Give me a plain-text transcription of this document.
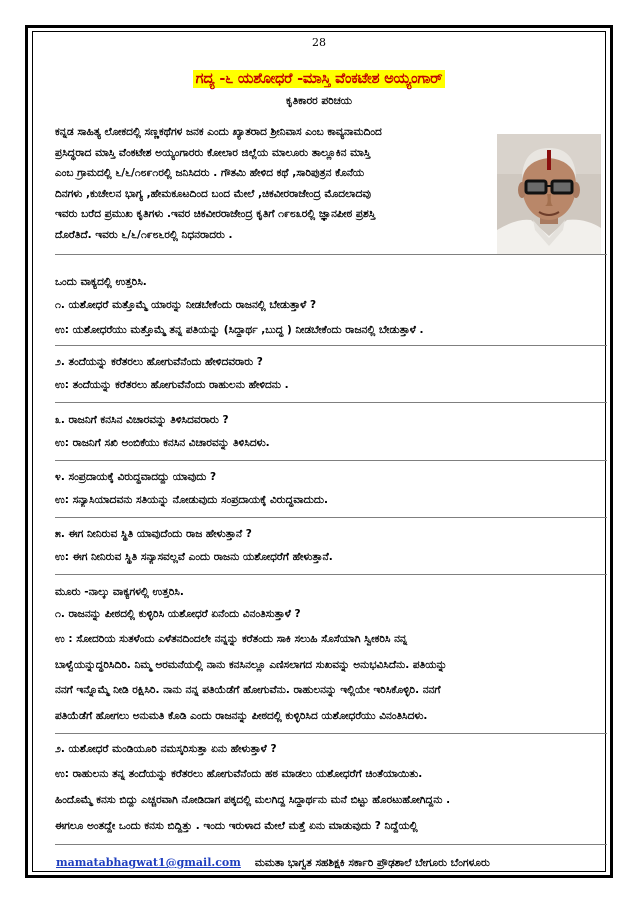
28
ಗದ್ಯ -೬ ಯಶೋಧರೆ -ಮಾಸ್ತಿ ವೆಂಕಟೇಶ ಅಯ್ಯಂಗಾರ್
ಕೃತಿಕಾರರ ಪರಿಚಯ
ಕನ್ನಡ ಸಾಹಿತ್ಯ ಲೋಕದಲ್ಲಿ ಸಣ್ಣಕಥೆಗಳ ಜನಕ ಎಂದು ಖ್ಯಾತರಾದ ಶ್ರೀನಿವಾಸ ಎಂಬ ಕಾವ್ಯನಾಮದಿಂದ
ಪ್ರಸಿದ್ಧರಾದ ಮಾಸ್ತಿ ವೆಂಕಟೇಶ ಅಯ್ಯಂಗಾರರು ಕೋಲಾರ ಜಿಲ್ಲೆಯ ಮಾಲೂರು ತಾಲ್ಲೂಕಿನ ಮಾಸ್ತಿ
ಎಂಬ ಗ್ರಾಮದಲ್ಲಿ ೬/೬/೧೮೯೧ರಲ್ಲಿ ಜನಿಸಿದರು . ಗೌತಮಿ ಹೇಳಿದ ಕಥೆ ,ಸಾರಿಪುತ್ರನ ಕೊನೆಯ
ದಿನಗಳು ,ಕುಚೇಲನ ಭಾಗ್ಯ ,ಹೇಮಕೂಟದಿಂದ ಬಂದ ಮೇಲೆ ,ಚಿಕವೀರರಾಜೇಂದ್ರ ಮೊದಲಾದವು
ಇವರು ಬರೆದ ಪ್ರಮುಖ ಕೃತಿಗಳು .ಇವರ ಚಿಕವೀರರಾಜೇಂದ್ರ ಕೃತಿಗೆ ೧೯೮೩ರಲ್ಲಿ ಜ್ಞಾನಪೀಠ ಪ್ರಶಸ್ತಿ
ದೊರೆತಿದೆ. ಇವರು ೬/೬/೧೯೮೬ರಲ್ಲಿ ನಿಧನರಾದರು .
ಒಂದು ವಾಕ್ಯದಲ್ಲಿ ಉತ್ತರಿಸಿ.
೧. ಯಶೋಧರೆ ಮತ್ತೊಮ್ಮೆ ಯಾರನ್ನು ನೀಡಬೇಕೆಂದು ರಾಜನಲ್ಲಿ ಬೇಡುತ್ತಾಳೆ ?
ಉ: ಯಶೋಧರೆಯು ಮತ್ತೊಮ್ಮೆ ತನ್ನ ಪತಿಯನ್ನು (ಸಿದ್ಧಾರ್ಥ ,ಬುದ್ಧ ) ನೀಡಬೇಕೆಂದು ರಾಜನಲ್ಲಿ ಬೇಡುತ್ತಾಳೆ .
೨. ತಂದೆಯನ್ನು ಕರೆತರಲು ಹೋಗುವೆನೆಂದು ಹೇಳಿದವರಾರು ?
ಉ: ತಂದೆಯನ್ನು ಕರೆತರಲು ಹೋಗುವೆನೆಂದು ರಾಹುಲನು ಹೇಳಿದನು .
೩. ರಾಜನಿಗೆ ಕನಸಿನ ವಿಚಾರವನ್ನು ತಿಳಿಸಿದವರಾರು ?
ಉ: ರಾಜನಿಗೆ ಸಖಿ ಅಂಬಿಕೆಯು ಕನಸಿನ ವಿಚಾರವನ್ನು ತಿಳಿಸಿದಳು.
೪. ಸಂಪ್ರದಾಯಕ್ಕೆ ವಿರುದ್ಧವಾದದ್ದು ಯಾವುದು ?
ಉ: ಸನ್ಯಾಸಿಯಾದವನು ಸತಿಯನ್ನು ನೋಡುವುದು ಸಂಪ್ರದಾಯಕ್ಕೆ ವಿರುದ್ಧವಾದುದು.
೫. ಈಗ ನೀನಿರುವ ಸ್ಥಿತಿ ಯಾವುದೆಂದು ರಾಜ ಹೇಳುತ್ತಾನೆ ?
ಉ: ಈಗ ನೀನಿರುವ ಸ್ಥಿತಿ ಸನ್ಯಾಸವಲ್ಲವೆ ಎಂದು ರಾಜನು ಯಶೋಧರೆಗೆ ಹೇಳುತ್ತಾನೆ.
ಮೂರು -ನಾಲ್ಕು ವಾಕ್ಯಗಳಲ್ಲಿ ಉತ್ತರಿಸಿ.
೧. ರಾಜನನ್ನು ಪೀಠದಲ್ಲಿ ಕುಳ್ಳಿರಿಸಿ ಯಶೋಧರೆ ಏನೆಂದು ವಿನಂತಿಸುತ್ತಾಳೆ ?
ಉ : ಸೋದರಿಯ ಸುತಳೆಂದು ಎಳೆತನದಿಂದಲೇ ನನ್ನನ್ನು ಕರೆತಂದು ಸಾಕಿ ಸಲುಹಿ ಸೊಸೆಯಾಗಿ ಸ್ವೀಕರಿಸಿ ನನ್ನ
ಬಾಳ್ವೆಯನ್ನುದ್ಧರಿಸಿದಿರಿ. ನಿಮ್ಮ ಅರಮನೆಯಲ್ಲಿ ನಾನು ಕನಸಿನಲ್ಲೂ ಎಣಿಸಲಾಗದ ಸುಖವನ್ನು ಅನುಭವಿಸಿದೆನು. ಪತಿಯನ್ನು
ನನಗೆ ಇನ್ನೊಮ್ಮೆ ನೀಡಿ ರಕ್ಷಿಸಿರಿ. ನಾನು ನನ್ನ ಪತಿಯೆಡೆಗೆ ಹೋಗುವೆನು. ರಾಹುಲನನ್ನು ಇಲ್ಲಿಯೇ ಇರಿಸಿಕೊಳ್ಳಿರಿ. ನನಗೆ
ಪತಿಯೆಡೆಗೆ ಹೋಗಲು ಅನುಮತಿ ಕೊಡಿ ಎಂದು ರಾಜನನ್ನು ಪೀಠದಲ್ಲಿ ಕುಳ್ಳಿರಿಸಿದ ಯಶೋಧರೆಯು ವಿನಂತಿಸಿದಳು.
೨. ಯಶೋಧರೆ ಮಂಡಿಯೂರಿ ನಮಸ್ಕರಿಸುತ್ತಾ ಏನು ಹೇಳುತ್ತಾಳೆ ?
ಉ: ರಾಹುಲನು ತನ್ನ ತಂದೆಯನ್ನು ಕರೆತರಲು ಹೋಗುವೆನೆಂದು ಹಠ ಮಾಡಲು ಯಶೋಧರೆಗೆ ಚಿಂತೆಯಾಯಿತು.
ಹಿಂದೊಮ್ಮೆ ಕನಸು ಬಿದ್ದು ಎಚ್ಚರವಾಗಿ ನೋಡಿದಾಗ ಪಕ್ಕದಲ್ಲಿ ಮಲಗಿದ್ದ ಸಿದ್ಧಾರ್ಥನು ಮನೆ ಬಿಟ್ಟು ಹೊರಟುಹೋಗಿದ್ದನು .
ಈಗಲೂ ಅಂತದ್ದೇ ಒಂದು ಕನಸು ಬಿದ್ದಿತ್ತು . ಇಂದು ಇರುಳಾದ ಮೇಲೆ ಮತ್ತೆ ಏನು ಮಾಡುವುದು ? ನಿದ್ದೆಯಲ್ಲಿ
mamatabhagwat1@gmail.com ಮಮತಾ ಭಾಗ್ವತ ಸಹಶಿಕ್ಷಕಿ ಸರ್ಕಾರಿ ಪ್ರೌಢಶಾಲೆ ಬೇಗೂರು ಬೆಂಗಳೂರು
